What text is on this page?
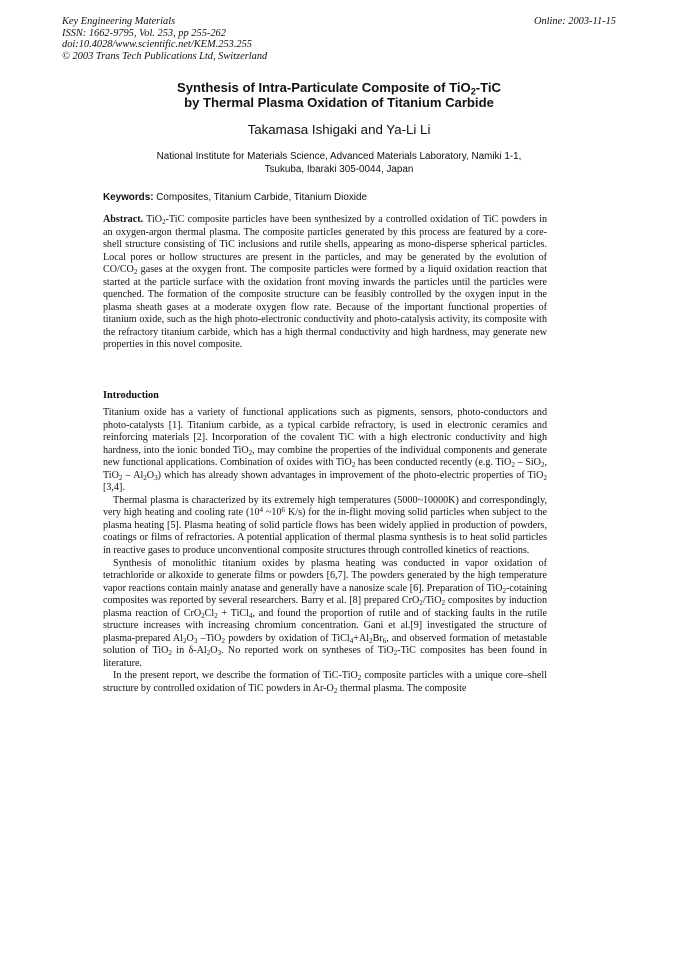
Key Engineering Materials
ISSN: 1662-9795, Vol. 253, pp 255-262
doi:10.4028/www.scientific.net/KEM.253.255
© 2003 Trans Tech Publications Ltd, Switzerland
Online: 2003-11-15
Synthesis of Intra-Particulate Composite of TiO$_2$-TiC
by Thermal Plasma Oxidation of Titanium Carbide
Takamasa Ishigaki and Ya-Li Li
National Institute for Materials Science, Advanced Materials Laboratory, Namiki 1-1,
Tsukuba, Ibaraki 305-0044, Japan
Keywords: Composites, Titanium Carbide, Titanium Dioxide

Abstract. TiO$_2$-TiC composite particles have been synthesized by a controlled oxidation of TiC powders in an oxygen-argon thermal plasma. The composite particles generated by this process are featured by a core-shell structure consisting of TiC inclusions and rutile shells, appearing as mono-disperse spherical particles. Local pores or hollow structures are present in the particles, and may be generated by the evolution of $CO/CO_2$ gases at the oxygen front. The composite particles were formed by a liquid oxidation reaction that started at the particle surface with the oxidation front moving inwards the particles until the particles were quenched. The formation of the composite structure can be feasibly controlled by the oxygen input in the plasma sheath gases at a moderate oxygen flow rate. Because of the important functional properties of titanium oxide, such as the high photo-electronic conductivity and photo-catalysis activity, its composite with the refractory titanium carbide, which has a high thermal conductivity and high hardness, may generate new properties in this novel composite.

Introduction

Titanium oxide has a variety of functional applications such as pigments, sensors, photo-conductors and photo-catalysts [1]. Titanium carbide, as a typical carbide refractory, is used in electronic ceramics and reinforcing materials [2]. Incorporation of the covalent TiC with a high electronic conductivity and high hardness, into the ionic bonded TiO$_2$, may combine the properties of the individual components and generate new functional applications. Combination of oxides with TiO$_2$ has been conducted recently (e.g. TiO$_2$ – SiO$_2$, $TiO_2 - Al_2O_3$) which has already shown advantages in improvement of the photo-electric properties of TiO$_2$ [3,4].

Thermal plasma is characterized by its extremely high temperatures (5000~10000K) and correspondingly, very high heating and cooling rate ($10^4$ $\sim 10^6$ K/s) for the in-flight moving solid particles when subject to the plasma heating [5]. Plasma heating of solid particle flows has been widely applied in production of powders, coatings or films of refractories. A potential application of thermal plasma synthesis is to heat solid particles in reactive gases to produce unconventional composite structures through controlled kinetics of reactions.

Synthesis of monolithic titanium oxides by plasma heating was conducted in vapor oxidation of tetrachloride or alkoxide to generate films or powders [6,7]. The powders generated by the high temperature vapor reactions contain mainly anatase and generally have a nanosize scale [6]. Preparation of TiO$_2$-cotaining composites was reported by several researchers. Barry et al. [8] prepared CrO$_2$/TiO$_2$ composites by induction plasma reaction of $CrO_2Cl_2$ + TiCl$_4$, and found the proportion of rutile and of stacking faults in the rutile structure increases with increasing chromium concentration. Gani et al.[9] investigated the structure of plasma-prepared $Al_2O_3$ –TiO$_2$ powders by oxidation of $TiCl_4+Al_2Br_6$, and observed formation of metastable solution of TiO$_2$ in $\delta-Al_2O_3$. No reported work on syntheses of TiO$_2$-TiC composites has been found in literature.

In the present report, we describe the formation of TiC-TiO$_2$ composite particles with a unique core–shell structure by controlled oxidation of TiC powders in $Ar-O_2$ thermal plasma. The composite
